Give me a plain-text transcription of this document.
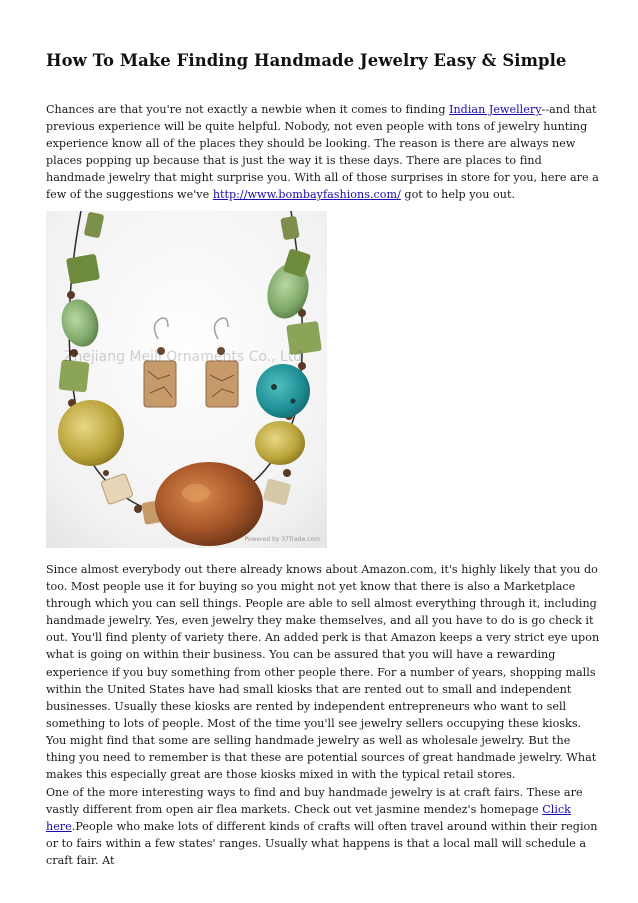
How To Make Finding Handmade Jewelry Easy & Simple

Chances are that you're not exactly a newbie when it comes to finding Indian Jewellery--and that previous experience will be quite helpful. Nobody, not even people with tons of jewelry hunting experience know all of the places they should be looking. The reason is there are always new places popping up because that is just the way it is these days. There are places to find handmade jewelry that might surprise you. With all of those surprises in store for you, here are a few of the suggestions we've http://www.bombayfashions.com/ got to help you out.

Zhejiang Meili Ornaments Co., Ltd
Powered by 37Trade.com

Since almost everybody out there already knows about Amazon.com, it's highly likely that you do too. Most people use it for buying so you might not yet know that there is also a Marketplace through which you can sell things. People are able to sell almost everything through it, including handmade jewelry. Yes, even jewelry they make themselves, and all you have to do is go check it out. You'll find plenty of variety there. An added perk is that Amazon keeps a very strict eye upon what is going on within their business. You can be assured that you will have a rewarding experience if you buy something from other people there. For a number of years, shopping malls within the United States have had small kiosks that are rented out to small and independent businesses. Usually these kiosks are rented by independent entrepreneurs who want to sell something to lots of people. Most of the time you'll see jewelry sellers occupying these kiosks. You might find that some are selling handmade jewelry as well as wholesale jewelry. But the thing you need to remember is that these are potential sources of great handmade jewelry. What makes this especially great are those kiosks mixed in with the typical retail stores.

One of the more interesting ways to find and buy handmade jewelry is at craft fairs. These are vastly different from open air flea markets. Check out vet jasmine mendez's homepage Click here.People who make lots of different kinds of crafts will often travel around within their region or to fairs within a few states' ranges. Usually what happens is that a local mall will schedule a craft fair. At
